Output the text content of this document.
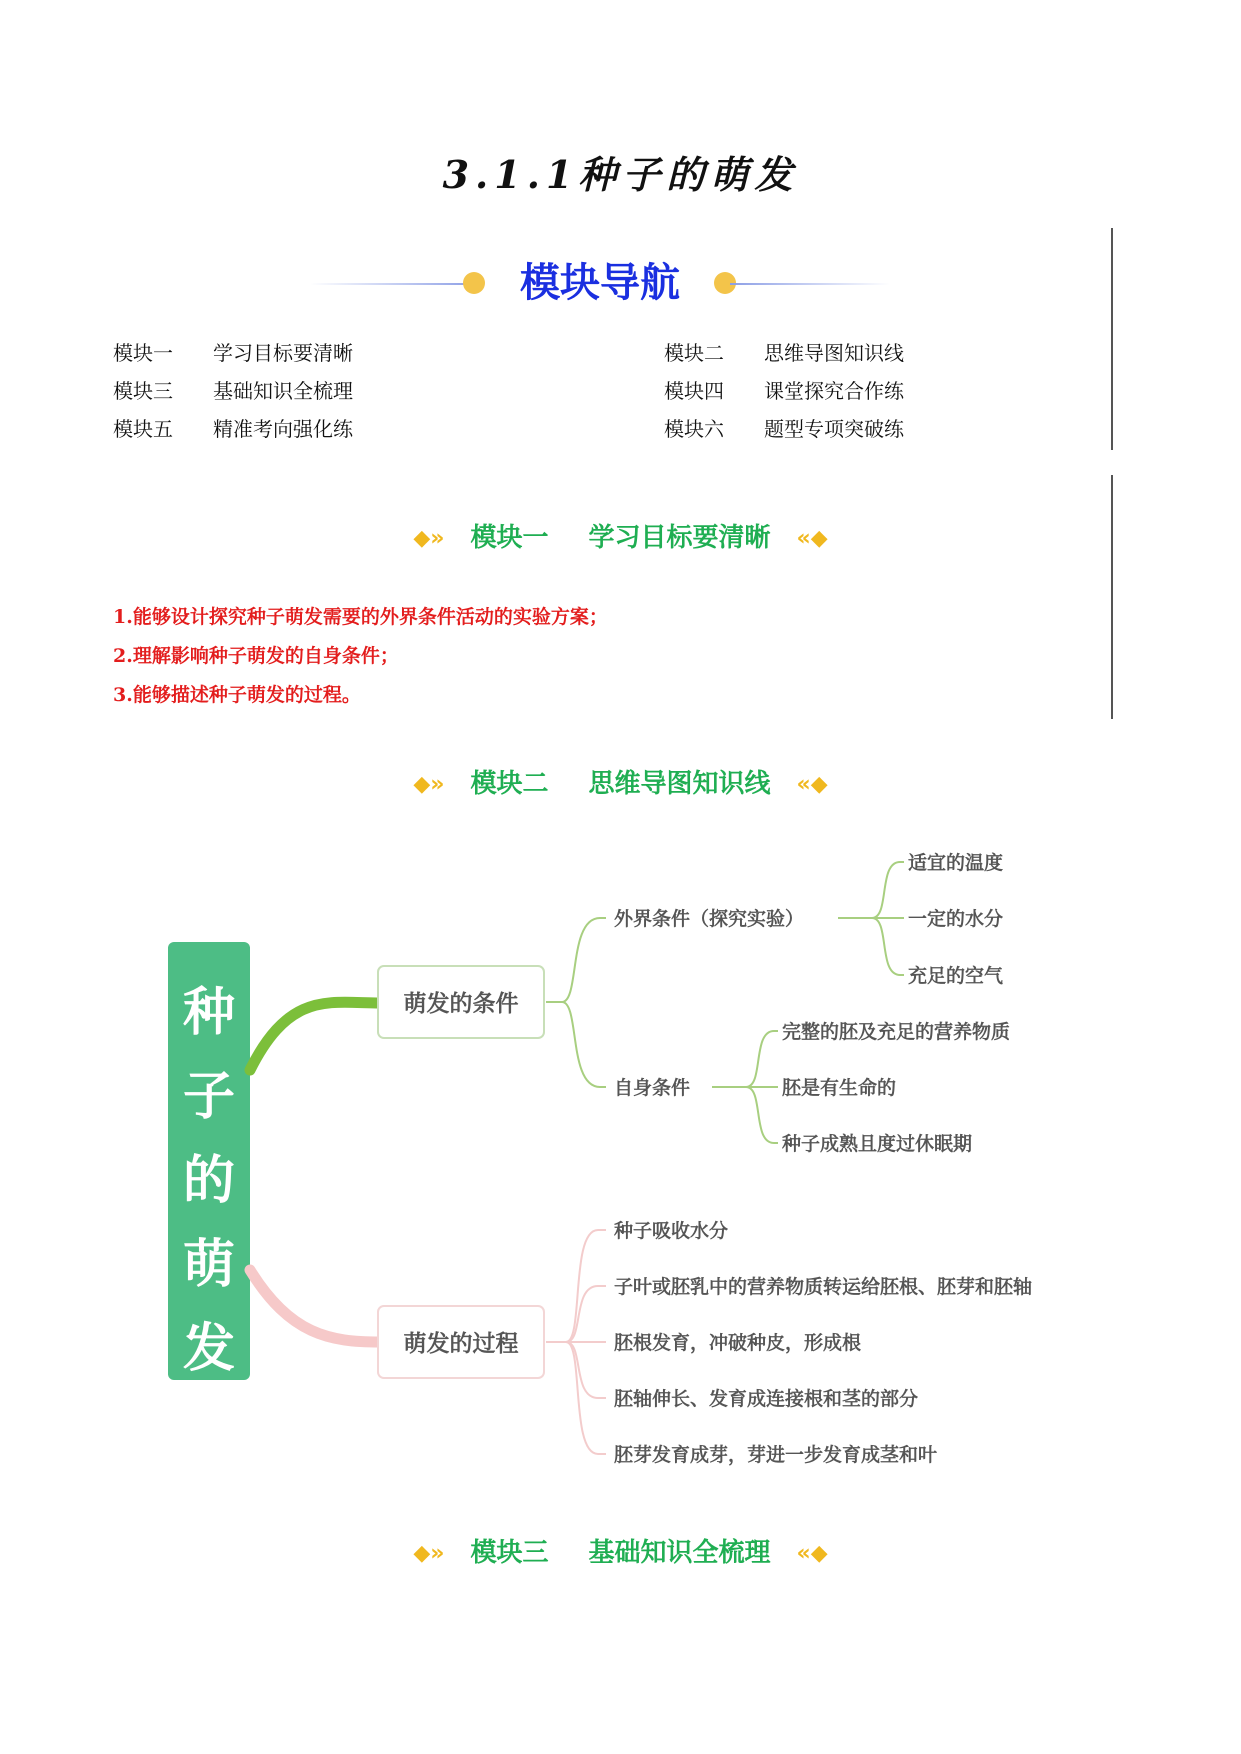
3.1.1种子的萌发
模块导航
模块一 学习目标要清晰	模块二 思维导图知识线
模块三 基础知识全梳理	模块四 课堂探究合作练
模块五 精准考向强化练	模块六 题型专项突破练
◆» 模块一 学习目标要清晰 «◆
1.能够设计探究种子萌发需要的外界条件活动的实验方案；
2.理解影响种子萌发的自身条件；
3.能够描述种子萌发的过程。
◆» 模块二 思维导图知识线 «◆
种
子
的
萌
发
萌发的条件
萌发的过程
外界条件（探究实验）
自身条件
适宜的温度
一定的水分
充足的空气
完整的胚及充足的营养物质
胚是有生命的
种子成熟且度过休眠期
种子吸收水分
子叶或胚乳中的营养物质转运给胚根、胚芽和胚轴
胚根发育，冲破种皮，形成根
胚轴伸长、发育成连接根和茎的部分
胚芽发育成芽，芽进一步发育成茎和叶
◆» 模块三 基础知识全梳理 «◆
